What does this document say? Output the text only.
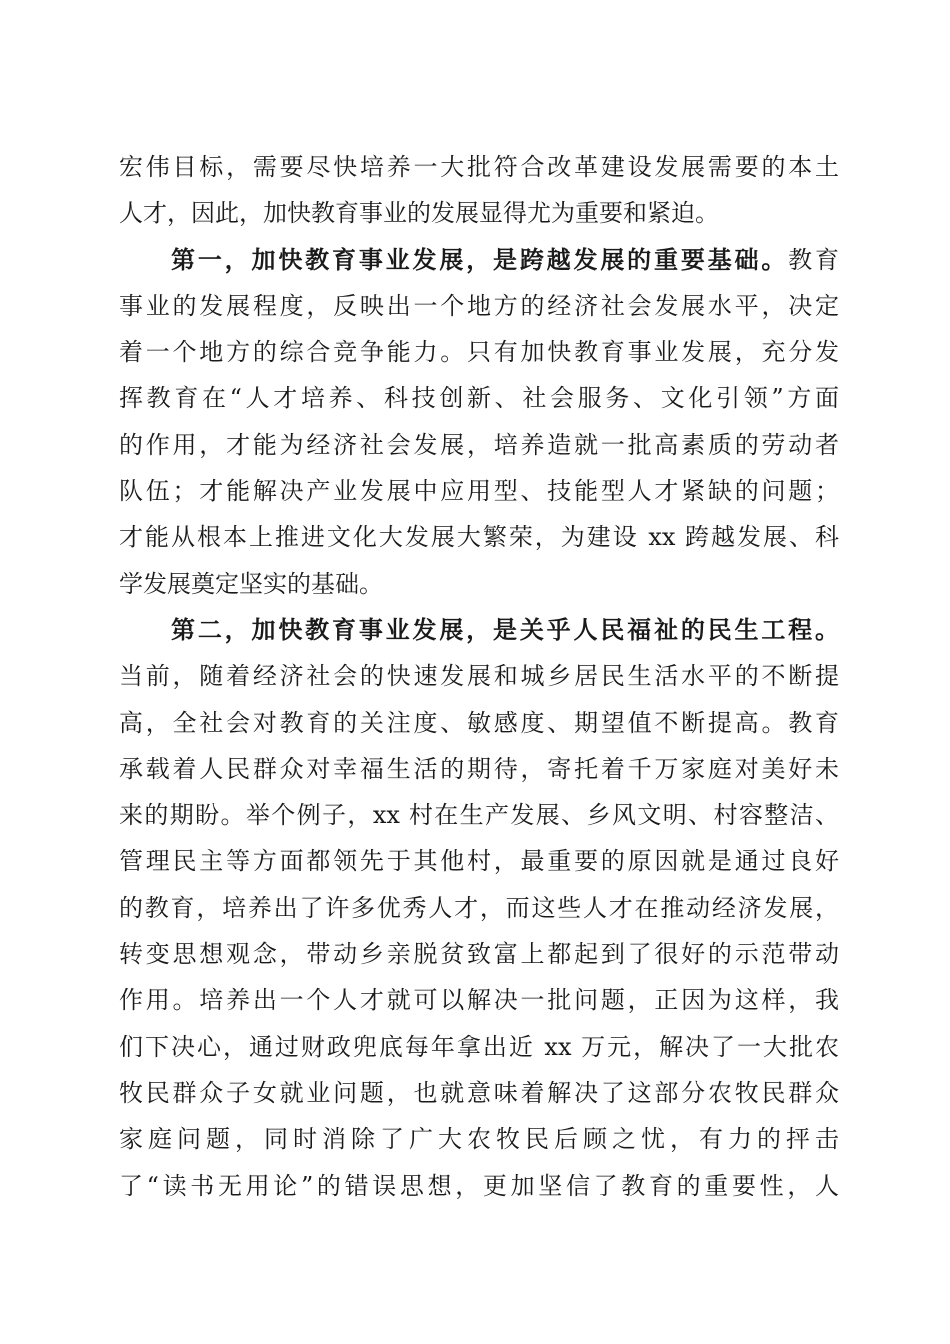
宏伟目标，需要尽快培养一大批符合改革建设发展需要的本土
人才，因此，加快教育事业的发展显得尤为重要和紧迫。
第一，加快教育事业发展，是跨越发展的重要基础。教育
事业的发展程度，反映出一个地方的经济社会发展水平，决定
着一个地方的综合竞争能力。只有加快教育事业发展，充分发
挥教育在“人才培养、科技创新、社会服务、文化引领”方面
的作用，才能为经济社会发展，培养造就一批高素质的劳动者
队伍；才能解决产业发展中应用型、技能型人才紧缺的问题；
才能从根本上推进文化大发展大繁荣，为建设 xx 跨越发展、科
学发展奠定坚实的基础。
第二，加快教育事业发展，是关乎人民福祉的民生工程。
当前，随着经济社会的快速发展和城乡居民生活水平的不断提
高，全社会对教育的关注度、敏感度、期望值不断提高。教育
承载着人民群众对幸福生活的期待，寄托着千万家庭对美好未
来的期盼。举个例子，xx 村在生产发展、乡风文明、村容整洁、
管理民主等方面都领先于其他村，最重要的原因就是通过良好
的教育，培养出了许多优秀人才，而这些人才在推动经济发展，
转变思想观念，带动乡亲脱贫致富上都起到了很好的示范带动
作用。培养出一个人才就可以解决一批问题，正因为这样，我
们下决心，通过财政兜底每年拿出近 xx 万元，解决了一大批农
牧民群众子女就业问题，也就意味着解决了这部分农牧民群众
家庭问题，同时消除了广大农牧民后顾之忧，有力的抨击
了“读书无用论”的错误思想，更加坚信了教育的重要性，人
